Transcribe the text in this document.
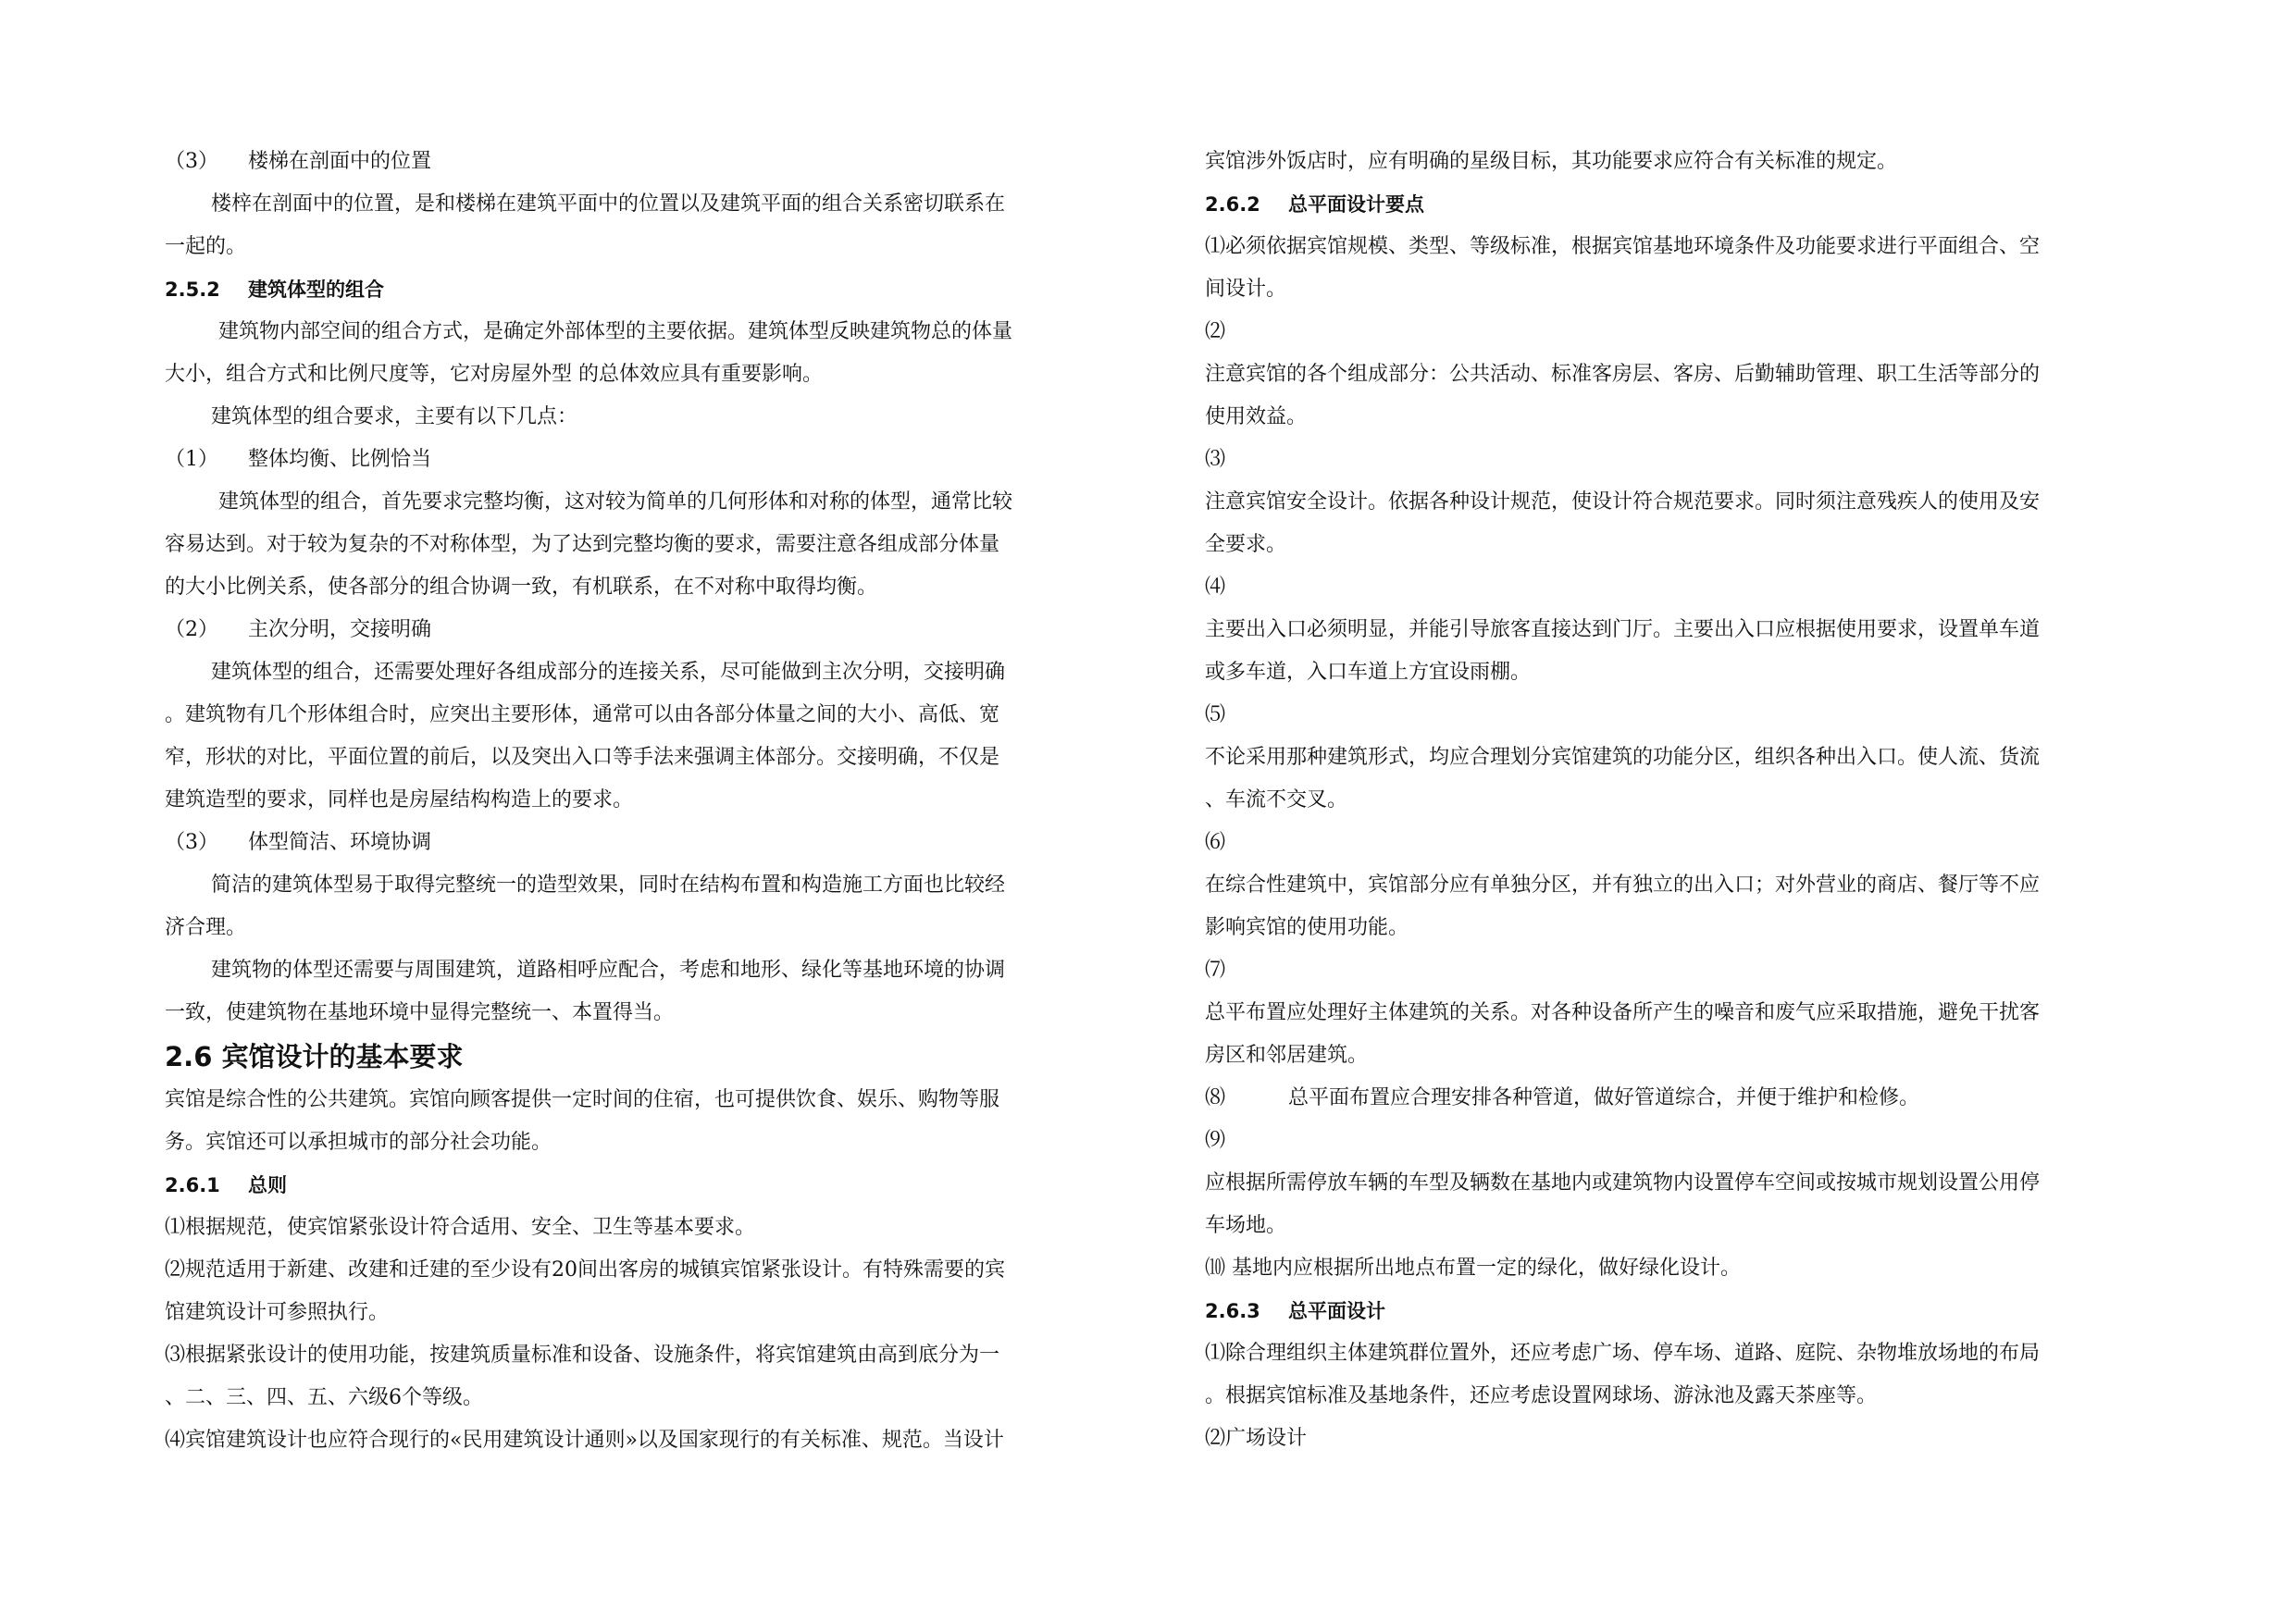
（3） 楼梯在剖面中的位置
楼梓在剖面中的位置，是和楼梯在建筑平面中的位置以及建筑平面的组合关系密切联系在
一起的。
2.5.2 建筑体型的组合
建筑物内部空间的组合方式，是确定外部体型的主要依据。建筑体型反映建筑物总的体量
大小，组合方式和比例尺度等，它对房屋外型 的总体效应具有重要影响。
建筑体型的组合要求，主要有以下几点：
（1） 整体均衡、比例恰当
建筑体型的组合，首先要求完整均衡，这对较为简单的几何形体和对称的体型，通常比较
容易达到。对于较为复杂的不对称体型，为了达到完整均衡的要求，需要注意各组成部分体量
的大小比例关系，使各部分的组合协调一致，有机联系，在不对称中取得均衡。
（2） 主次分明，交接明确
建筑体型的组合，还需要处理好各组成部分的连接关系，尽可能做到主次分明，交接明确
。建筑物有几个形体组合时，应突出主要形体，通常可以由各部分体量之间的大小、高低、宽
窄，形状的对比，平面位置的前后，以及突出入口等手法来强调主体部分。交接明确，不仅是
建筑造型的要求，同样也是房屋结构构造上的要求。
（3） 体型简洁、环境协调
简洁的建筑体型易于取得完整统一的造型效果，同时在结构布置和构造施工方面也比较经
济合理。
建筑物的体型还需要与周围建筑，道路相呼应配合，考虑和地形、绿化等基地环境的协调
一致，使建筑物在基地环境中显得完整统一、本置得当。
2.6 宾馆设计的基本要求
宾馆是综合性的公共建筑。宾馆向顾客提供一定时间的住宿，也可提供饮食、娱乐、购物等服
务。宾馆还可以承担城市的部分社会功能。
2.6.1 总则
⑴根据规范，使宾馆紧张设计符合适用、安全、卫生等基本要求。
⑵规范适用于新建、改建和迁建的至少设有20间出客房的城镇宾馆紧张设计。有特殊需要的宾
馆建筑设计可参照执行。
⑶根据紧张设计的使用功能，按建筑质量标准和设备、设施条件，将宾馆建筑由高到底分为一
、二、三、四、五、六级6个等级。
⑷宾馆建筑设计也应符合现行的«民用建筑设计通则»以及国家现行的有关标准、规范。当设计
宾馆涉外饭店时，应有明确的星级目标，其功能要求应符合有关标准的规定。
2.6.2 总平面设计要点
⑴必须依据宾馆规模、类型、等级标准，根据宾馆基地环境条件及功能要求进行平面组合、空
间设计。
⑵
注意宾馆的各个组成部分：公共活动、标准客房层、客房、后勤辅助管理、职工生活等部分的
使用效益。
⑶
注意宾馆安全设计。依据各种设计规范，使设计符合规范要求。同时须注意残疾人的使用及安
全要求。
⑷
主要出入口必须明显，并能引导旅客直接达到门厅。主要出入口应根据使用要求，设置单车道
或多车道，入口车道上方宜设雨棚。
⑸
不论采用那种建筑形式，均应合理划分宾馆建筑的功能分区，组织各种出入口。使人流、货流
、车流不交叉。
⑹
在综合性建筑中，宾馆部分应有单独分区，并有独立的出入口；对外营业的商店、餐厅等不应
影响宾馆的使用功能。
⑺
总平布置应处理好主体建筑的关系。对各种设备所产生的噪音和废气应采取措施，避免干扰客
房区和邻居建筑。
⑻	总平面布置应合理安排各种管道，做好管道综合，并便于维护和检修。
⑼
应根据所需停放车辆的车型及辆数在基地内或建筑物内设置停车空间或按城市规划设置公用停
车场地。
⑽ 基地内应根据所出地点布置一定的绿化，做好绿化设计。
2.6.3 总平面设计
⑴除合理组织主体建筑群位置外，还应考虑广场、停车场、道路、庭院、杂物堆放场地的布局
。根据宾馆标准及基地条件，还应考虑设置网球场、游泳池及露天茶座等。
⑵广场设计
